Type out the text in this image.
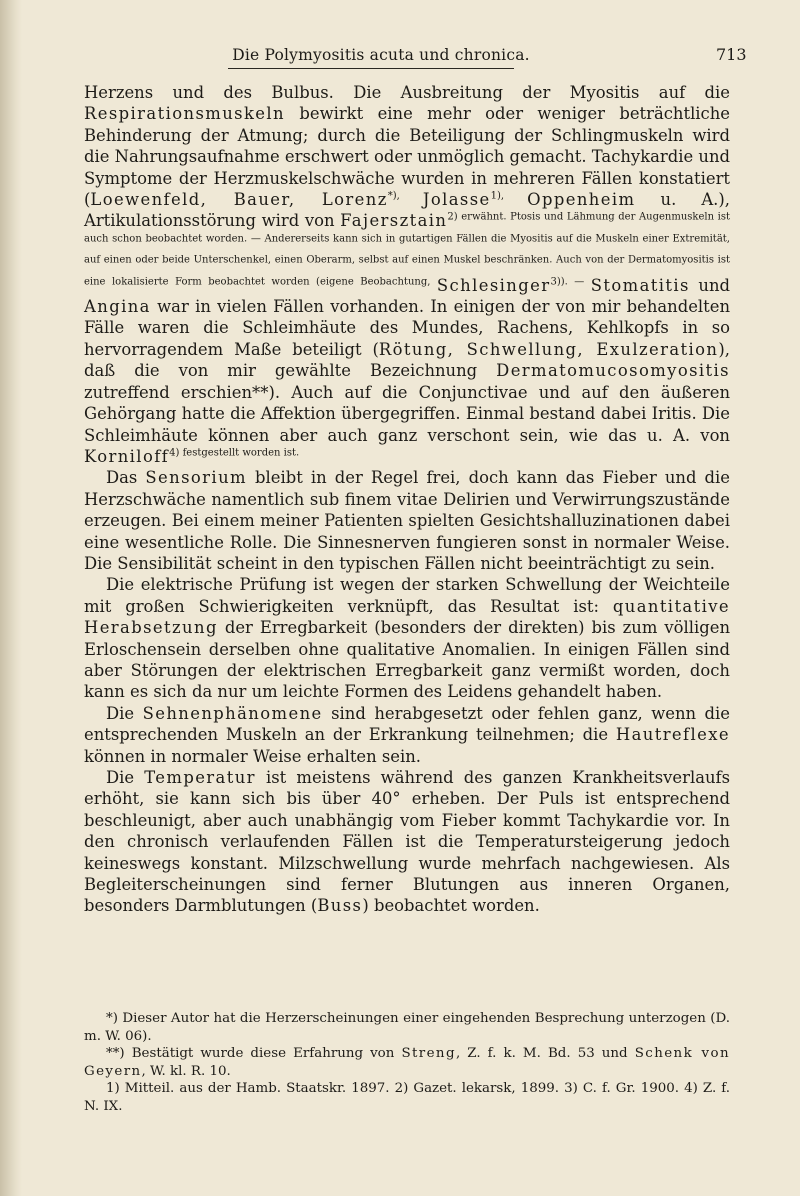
Die Polymyositis acuta und chronica.	713

Herzens und des Bulbus. Die Ausbreitung der Myositis auf die Respirationsmuskeln bewirkt eine mehr oder weniger beträchtliche Behinderung der Atmung; durch die Beteiligung der Schlingmuskeln wird die Nahrungsaufnahme erschwert oder unmöglich gemacht. Tachykardie und Symptome der Herzmuskelschwäche wurden in mehreren Fällen konstatiert (Loewenfeld, Bauer, Lorenz*), Jolasse$^{1),}$ Oppenheim u. A.), Artikulationsstörung wird von Fajersztain2) erwähnt. Ptosis und Lähmung der Augenmuskeln ist auch schon beobachtet worden. — Andererseits kann sich in gutartigen Fällen die Myositis auf die Muskeln einer Extremität, auf einen oder beide Unterschenkel, einen Oberarm, selbst auf einen Muskel beschränken. Auch von der Dermatomyositis ist eine lokalisierte Form beobachtet worden (eigene Beobachtung, Schlesinger$^{3)). —}$ Stomatitis und Angina war in vielen Fällen vorhanden. In einigen der von mir behandelten Fälle waren die Schleimhäute des Mundes, Rachens, Kehlkopfs in so hervorragendem Maße beteiligt (Rötung, Schwellung, Exulzeration), daß die von mir gewählte Bezeichnung Dermatomucosomyositis zutreffend erschien**). Auch auf die Conjunctivae und auf den äußeren Gehörgang hatte die Affektion übergegriffen. Einmal bestand dabei Iritis. Die Schleimhäute können aber auch ganz verschont sein, wie das u. A. von Korniloff$^{4) festgestellt worden ist.}$

Das Sensorium bleibt in der Regel frei, doch kann das Fieber und die Herzschwäche namentlich sub finem vitae Delirien und Verwirrungszustände erzeugen. Bei einem meiner Patienten spielten Gesichtshalluzinationen dabei eine wesentliche Rolle. Die Sinnesnerven fungieren sonst in normaler Weise. Die Sensibilität scheint in den typischen Fällen nicht beeinträchtigt zu sein.

Die elektrische Prüfung ist wegen der starken Schwellung der Weichteile mit großen Schwierigkeiten verknüpft, das Resultat ist: quantitative Herabsetzung der Erregbarkeit (besonders der direkten) bis zum völligen Erloschensein derselben ohne qualitative Anomalien. In einigen Fällen sind aber Störungen der elektrischen Erregbarkeit ganz vermißt worden, doch kann es sich da nur um leichte Formen des Leidens gehandelt haben.

Die Sehnenphänomene sind herabgesetzt oder fehlen ganz, wenn die entsprechenden Muskeln an der Erkrankung teilnehmen; die Hautreflexe können in normaler Weise erhalten sein.

Die Temperatur ist meistens während des ganzen Krankheitsverlaufs erhöht, sie kann sich bis über 40° erheben. Der Puls ist entsprechend beschleunigt, aber auch unabhängig vom Fieber kommt Tachykardie vor. In den chronisch verlaufenden Fällen ist die Temperatursteigerung jedoch keineswegs konstant. Milzschwellung wurde mehrfach nachgewiesen. Als Begleiterscheinungen sind ferner Blutungen aus inneren Organen, besonders Darmblutungen (Buss) beobachtet worden.

*) Dieser Autor hat die Herzerscheinungen einer eingehenden Besprechung unterzogen (D. m. W. 06).

**) Bestätigt wurde diese Erfahrung von Streng, Z. f. k. M. Bd. 53 und Schenk von Geyern, W. kl. R. 10.

1) Mitteil. aus der Hamb. Staatskr. 1897. 2) Gazet. lekarsk, 1899. 3) C. f. Gr. 1900. 4) Z. f. N. IX.
